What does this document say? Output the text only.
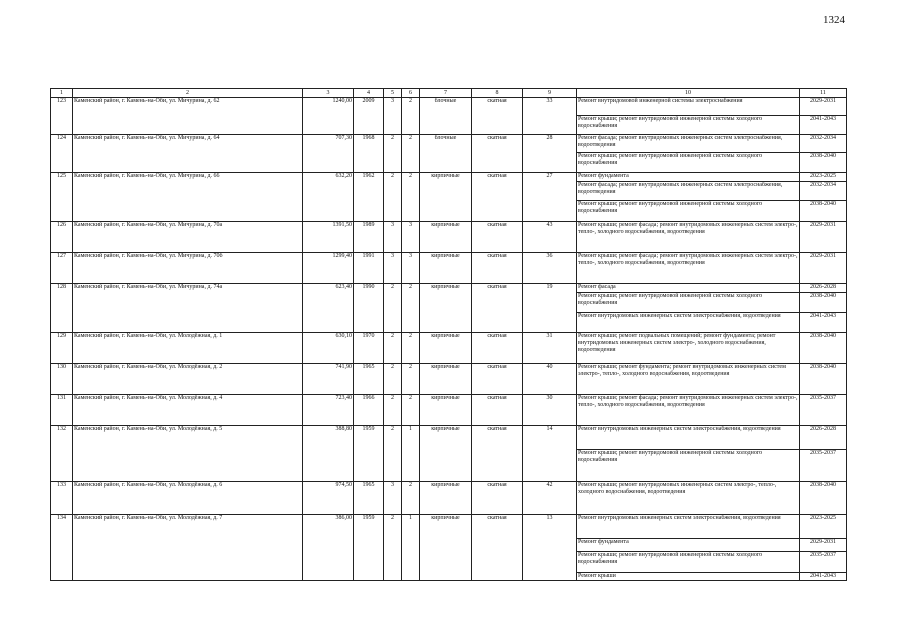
1324
1	2	3	4	5	6	7	8	9	10	11
123	Каменский район, г. Камень-на-Оби, ул. Мичурина, д. 62	1240,00	2009	3	2	блочные	скатная	33	Ремонт внутридомовой инженерной системы электроснабжения	2029-2031
									Ремонт крыши; ремонт внутридомовой инженерной системы холодного водоснабжения	2041-2043
124	Каменский район, г. Камень-на-Оби, ул. Мичурина, д. 64	707,30	1968	2	2	блочные	скатная	28	Ремонт фасада; ремонт внутридомовых инженерных систем электроснабжения, водоотведения	2032-2034
									Ремонт крыши; ремонт внутридомовой инженерной системы холодного водоснабжения	2038-2040
125	Каменский район, г. Камень-на-Оби, ул. Мичурина, д. 66	632,20	1962	2	2	кирпичные	скатная	27	Ремонт фундамента	2023-2025
									Ремонт фасада; ремонт внутридомовых инженерных систем электроснабжения, водоотведения	2032-2034
									Ремонт крыши; ремонт внутридомовой инженерной системы холодного водоснабжения	2038-2040
126	Каменский район, г. Камень-на-Оби, ул. Мичурина, д. 70а	1391,50	1989	3	3	кирпичные	скатная	43	Ремонт крыши; ремонт фасада; ремонт внутридомовых инженерных систем электро-, тепло-, холодного водоснабжения, водоотведения	2029-2031
127	Каменский район, г. Камень-на-Оби, ул. Мичурина, д. 70б	1299,40	1991	3	3	кирпичные	скатная	36	Ремонт крыши; ремонт фасада; ремонт внутридомовых инженерных систем электро-, тепло-, холодного водоснабжения, водоотведения	2029-2031
128	Каменский район, г. Камень-на-Оби, ул. Мичурина, д. 74а	623,40	1990	2	2	кирпичные	скатная	19	Ремонт фасада	2026-2028
									Ремонт крыши; ремонт внутридомовой инженерной системы холодного водоснабжения	2038-2040
									Ремонт внутридомовых инженерных систем электроснабжения, водоотведения	2041-2043
129	Каменский район, г. Камень-на-Оби, ул. Молодёжная, д. 1	630,10	1970	2	2	кирпичные	скатная	31	Ремонт крыши; ремонт подвальных помещений; ремонт фундамента; ремонт внутридомовых инженерных систем электро-, холодного водоснабжения, водоотведения	2038-2040
130	Каменский район, г. Камень-на-Оби, ул. Молодёжная, д. 2	741,90	1965	2	2	кирпичные	скатная	40	Ремонт крыши; ремонт фундамента; ремонт внутридомовых инженерных систем электро-, тепло-, холодного водоснабжения, водоотведения	2038-2040
131	Каменский район, г. Камень-на-Оби, ул. Молодёжная, д. 4	723,40	1966	2	2	кирпичные	скатная	30	Ремонт крыши; ремонт фасада; ремонт внутридомовых инженерных систем электро-, тепло-, холодного водоснабжения, водоотведения	2035-2037
132	Каменский район, г. Камень-на-Оби, ул. Молодёжная, д. 5	388,80	1959	2	1	кирпичные	скатная	14	Ремонт внутридомовых инженерных систем электроснабжения, водоотведения	2026-2028
									Ремонт крыши; ремонт внутридомовой инженерной системы холодного водоснабжения	2035-2037
133	Каменский район, г. Камень-на-Оби, ул. Молодёжная, д. 6	974,50	1965	3	2	кирпичные	скатная	42	Ремонт крыши; ремонт внутридомовых инженерных систем электро-, тепло-, холодного водоснабжения, водоотведения	2038-2040
134	Каменский район, г. Камень-на-Оби, ул. Молодёжная, д. 7	386,00	1959	2	1	кирпичные	скатная	13	Ремонт внутридомовых инженерных систем электроснабжения, водоотведения	2023-2025
									Ремонт фундамента	2029-2031
									Ремонт крыши; ремонт внутридомовой инженерной системы холодного водоснабжения	2035-2037
									Ремонт крыши	2041-2043
